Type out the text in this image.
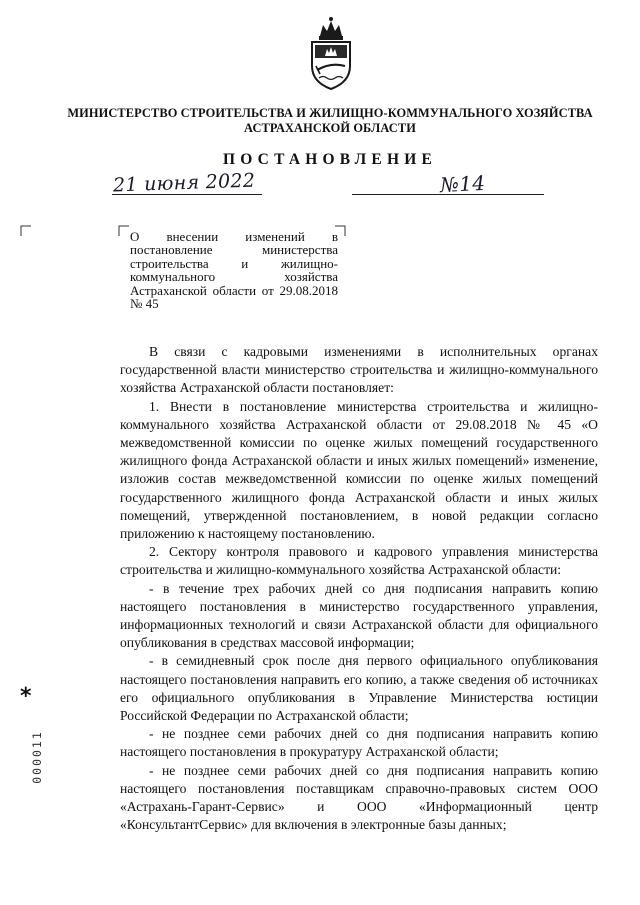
МИНИСТЕРСТВО СТРОИТЕЛЬСТВА И ЖИЛИЩНО-КОММУНАЛЬНОГО ХОЗЯЙСТВА
АСТРАХАНСКОЙ ОБЛАСТИ
ПОСТАНОВЛЕНИЕ
21 июня 2022	№14
О внесении изменений в постановление министерства строительства и жилищно-коммунального хозяйства Астраханской области от 29.08.2018 № 45

В связи с кадровыми изменениями в исполнительных органах государственной власти министерство строительства и жилищно-коммунального хозяйства Астраханской области постановляет:

1. Внести в постановление министерства строительства и жилищно-коммунального хозяйства Астраханской области от 29.08.2018 № 45 «О межведомственной комиссии по оценке жилых помещений государственного жилищного фонда Астраханской области и иных жилых помещений» изменение, изложив состав межведомственной комиссии по оценке жилых помещений государственного жилищного фонда Астраханской области и иных жилых помещений, утвержденной постановлением, в новой редакции согласно приложению к настоящему постановлению.

2. Сектору контроля правового и кадрового управления министерства строительства и жилищно-коммунального хозяйства Астраханской области:

- в течение трех рабочих дней со дня подписания направить копию настоящего постановления в министерство государственного управления, информационных технологий и связи Астраханской области для официального опубликования в средствах массовой информации;

- в семидневный срок после дня первого официального опубликования настоящего постановления направить его копию, а также сведения об источниках его официального опубликования в Управление Министерства юстиции Российской Федерации по Астраханской области;

- не позднее семи рабочих дней со дня подписания направить копию настоящего постановления в прокуратуру Астраханской области;

- не позднее семи рабочих дней со дня подписания направить копию настоящего постановления поставщикам справочно-правовых систем ООО «Астрахань-Гарант-Сервис» и ООО «Информационный центр «КонсультантСервис» для включения в электронные базы данных;

*
000011
